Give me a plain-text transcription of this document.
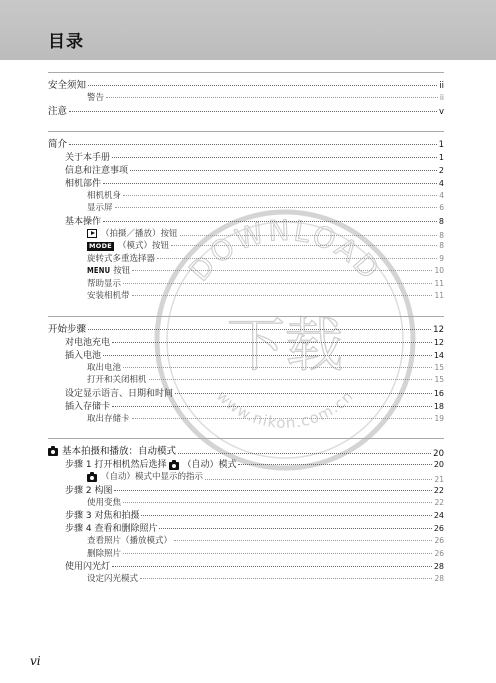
目录
DOWNLOAD
下载
www.nikon.com.cn
安全须知	ii
警告	ii
注意	v
简介	1
关于本手册	1
信息和注意事项	2
相机部件	4
相机机身	4
显示屏	6
基本操作	8
（拍摄／播放）按钮	8
MODE （模式）按钮	8
旋转式多重选择器	9
MENU 按钮	10
帮助显示	11
安装相机带	11
开始步骤	12
对电池充电	12
插入电池	14
取出电池	15
打开和关闭相机	15
设定显示语言、日期和时间	16
插入存储卡	18
取出存储卡	19
基本拍摄和播放：自动模式	20
步骤 1 打开相机然后选择 （自动）模式	20
（自动）模式中显示的指示	21
步骤 2 构图	22
使用变焦	22
步骤 3 对焦和拍摄	24
步骤 4 查看和删除照片	26
查看照片（播放模式）	26
删除照片	26
使用闪光灯	28
设定闪光模式	28
vi
